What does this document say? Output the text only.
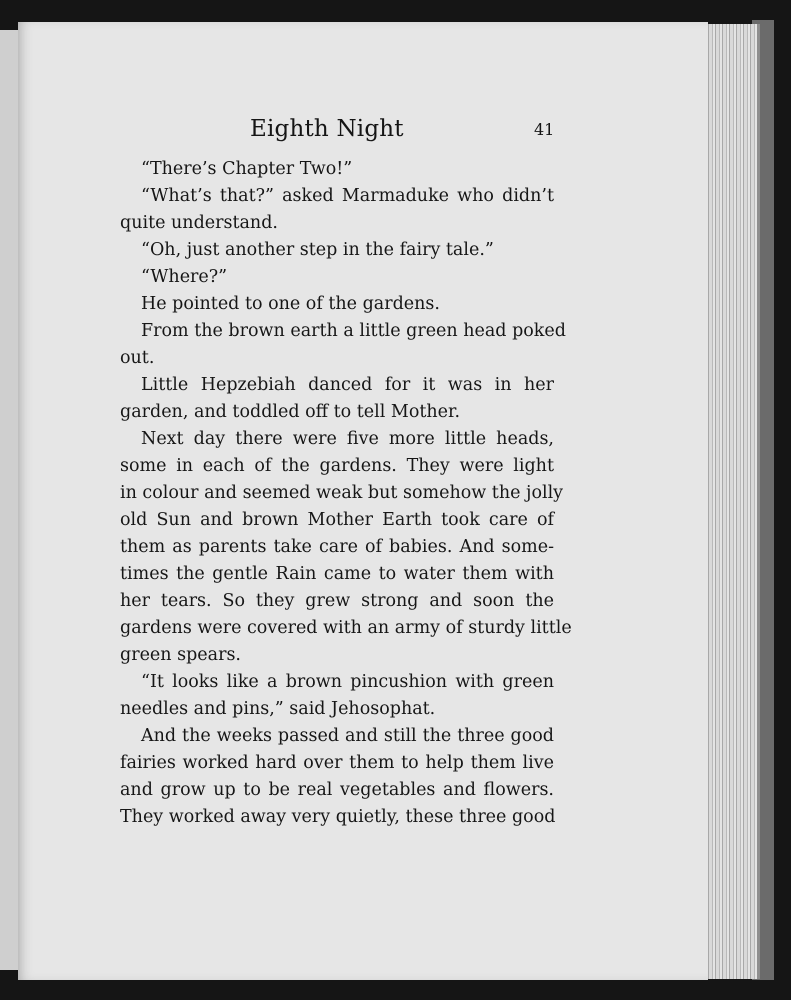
Eighth Night	41
“There’s Chapter Two!”
“What’s that?” asked Marmaduke who didn’t
quite understand.
“Oh, just another step in the fairy tale.”
“Where?”
He pointed to one of the gardens.
From the brown earth a little green head poked
out.
Little Hepzebiah danced for it was in her
garden, and toddled off to tell Mother.
Next day there were five more little heads,
some in each of the gardens. They were light
in colour and seemed weak but somehow the jolly
old Sun and brown Mother Earth took care of
them as parents take care of babies. And some-
times the gentle Rain came to water them with
her tears. So they grew strong and soon the
gardens were covered with an army of sturdy little
green spears.
“It looks like a brown pincushion with green
needles and pins,” said Jehosophat.
And the weeks passed and still the three good
fairies worked hard over them to help them live
and grow up to be real vegetables and flowers.
They worked away very quietly, these three good
